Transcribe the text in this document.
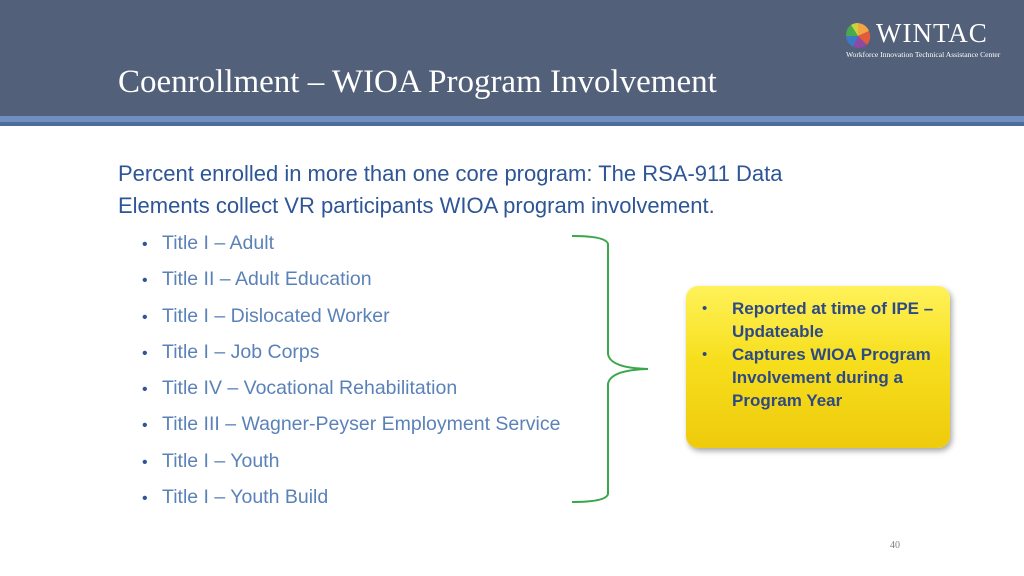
Coenrollment – WIOA Program Involvement
WINTAC
Workforce Innovation Technical Assistance Center

Percent enrolled in more than one core program: The RSA-911 Data
Elements collect VR participants WIOA program involvement.

• Title I – Adult
• Title II – Adult Education
• Title I – Dislocated Worker
• Title I – Job Corps
• Title IV – Vocational Rehabilitation
• Title III – Wagner-Peyser Employment Service
• Title I – Youth
• Title I – Youth Build
• Reported at time of IPE – Updateable
• Captures WIOA Program Involvement during a Program Year
40
